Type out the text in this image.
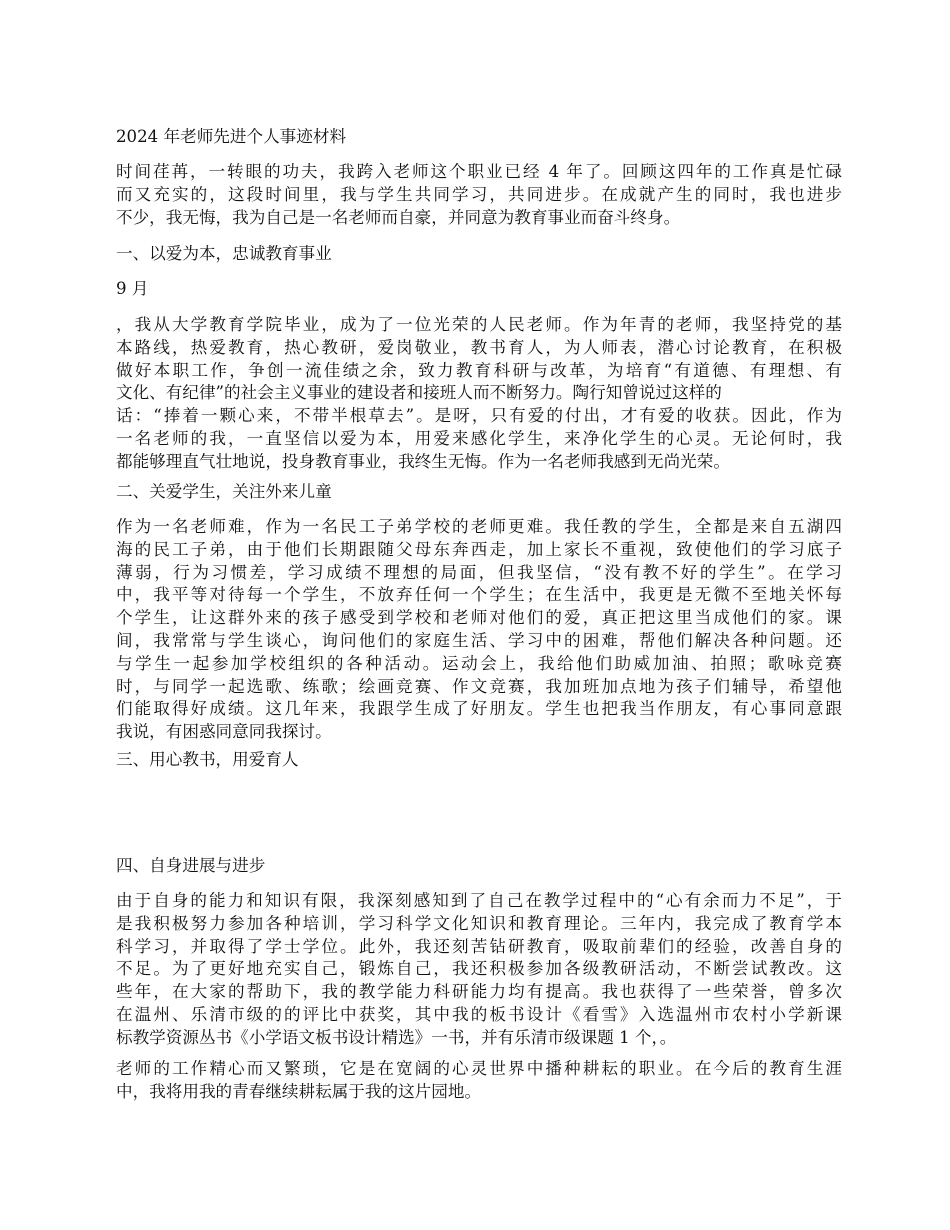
2024 年老师先进个人事迹材料
时间荏苒，一转眼的功夫，我跨入老师这个职业已经 4 年了。回顾这四年的工作真是忙碌
而又充实的，这段时间里，我与学生共同学习，共同进步。在成就产生的同时，我也进步
不少，我无悔，我为自己是一名老师而自豪，并同意为教育事业而奋斗终身。
一、以爱为本，忠诚教育事业
9 月
，我从大学教育学院毕业，成为了一位光荣的人民老师。作为年青的老师，我坚持党的基
本路线，热爱教育，热心教研，爱岗敬业，教书育人，为人师表，潜心讨论教育，在积极
做好本职工作，争创一流佳绩之余，致力教育科研与改革，为培育“有道德、有理想、有
文化、有纪律”的社会主义事业的建设者和接班人而不断努力。陶行知曾说过这样的
话：“捧着一颗心来，不带半根草去”。是呀，只有爱的付出，才有爱的收获。因此，作为
一名老师的我，一直坚信以爱为本，用爱来感化学生，来净化学生的心灵。无论何时，我
都能够理直气壮地说，投身教育事业，我终生无悔。作为一名老师我感到无尚光荣。
二、关爱学生，关注外来儿童
作为一名老师难，作为一名民工子弟学校的老师更难。我任教的学生，全都是来自五湖四
海的民工子弟，由于他们长期跟随父母东奔西走，加上家长不重视，致使他们的学习底子
薄弱，行为习惯差，学习成绩不理想的局面，但我坚信，“没有教不好的学生”。在学习
中，我平等对待每一个学生，不放弃任何一个学生；在生活中，我更是无微不至地关怀每
个学生，让这群外来的孩子感受到学校和老师对他们的爱，真正把这里当成他们的家。课
间，我常常与学生谈心，询问他们的家庭生活、学习中的困难，帮他们解决各种问题。还
与学生一起参加学校组织的各种活动。运动会上，我给他们助威加油、拍照；歌咏竞赛
时，与同学一起选歌、练歌；绘画竞赛、作文竞赛，我加班加点地为孩子们辅导，希望他
们能取得好成绩。这几年来，我跟学生成了好朋友。学生也把我当作朋友，有心事同意跟
我说，有困惑同意同我探讨。
三、用心教书，用爱育人
四、自身进展与进步
由于自身的能力和知识有限，我深刻感知到了自己在教学过程中的“心有余而力不足”，于
是我积极努力参加各种培训，学习科学文化知识和教育理论。三年内，我完成了教育学本
科学习，并取得了学士学位。此外，我还刻苦钻研教育，吸取前辈们的经验，改善自身的
不足。为了更好地充实自己，锻炼自己，我还积极参加各级教研活动，不断尝试教改。这
些年，在大家的帮助下，我的教学能力科研能力均有提高。我也获得了一些荣誉，曾多次
在温州、乐清市级的的评比中获奖，其中我的板书设计《看雪》入选温州市农村小学新课
标教学资源丛书《小学语文板书设计精选》一书，并有乐清市级课题 1 个，。
老师的工作精心而又繁琐，它是在宽阔的心灵世界中播种耕耘的职业。在今后的教育生涯
中，我将用我的青春继续耕耘属于我的这片园地。
